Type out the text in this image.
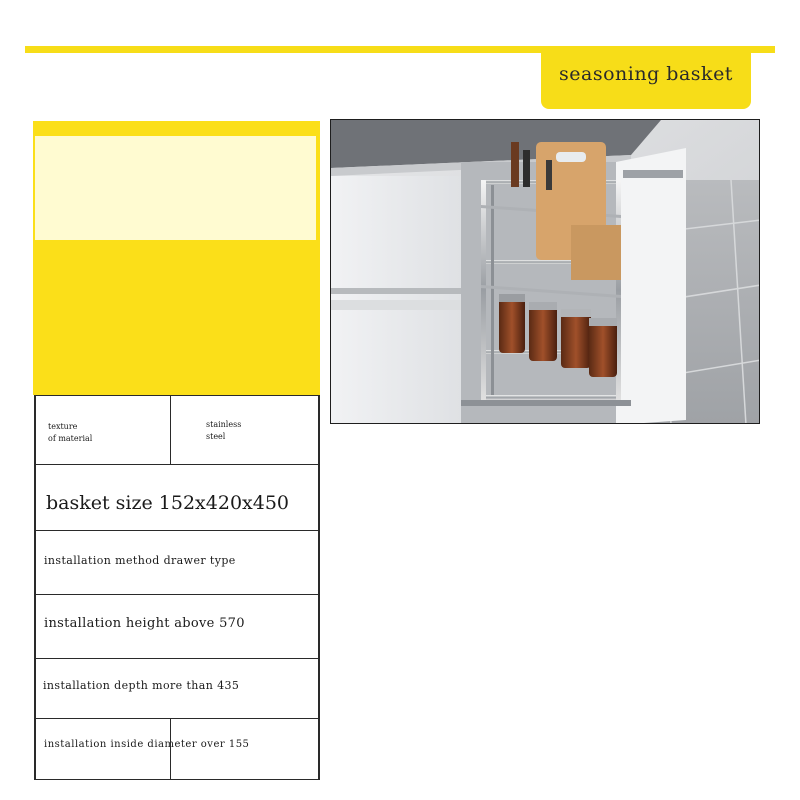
seasoning basket
texture
of material
stainless
steel
basket size 152x420x450
installation method drawer type
installation height above 570
installation depth more than 435
installation inside diameter over 155
